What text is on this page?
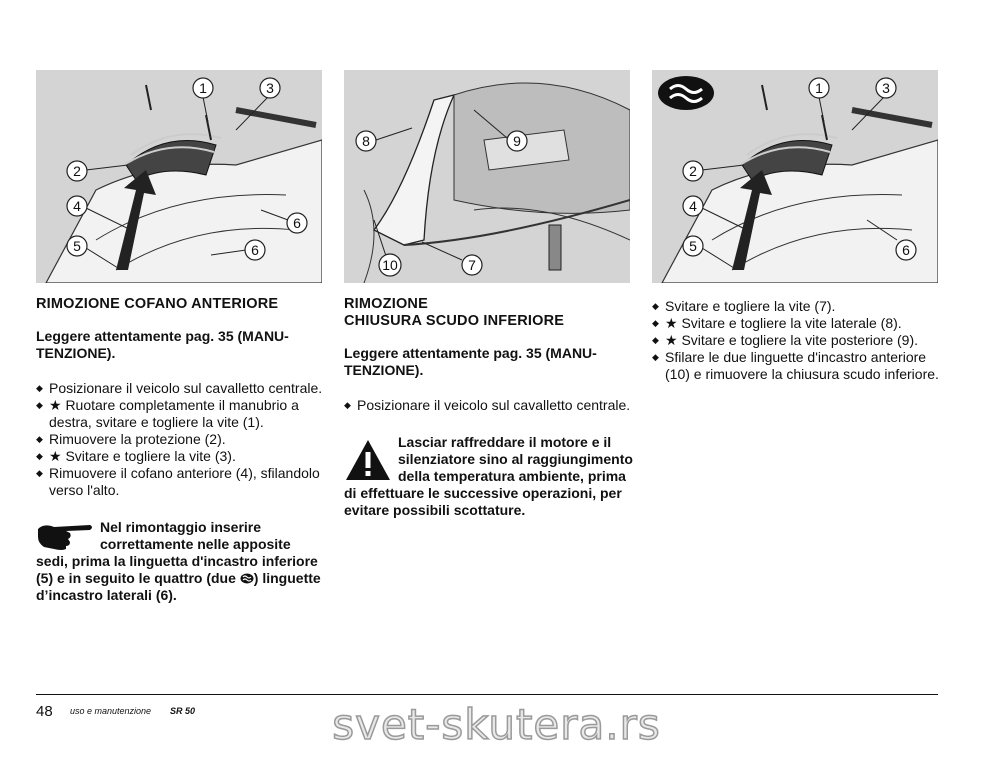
1
2
3
4
5
6
6
8	9
10	7
1
2
3
4
5	6
RIMOZIONE COFANO ANTERIORE
Leggere attentamente pag. 35 (MANU-TENZIONE).
◆ Posizionare il veicolo sul cavalletto centrale.
◆ ★ Ruotare completamente il manubrio a destra, svitare e togliere la vite (1).
◆ Rimuovere la protezione (2).
◆ ★ Svitare e togliere la vite (3).
◆ Rimuovere il cofano anteriore (4), sfilandolo verso l'alto.
Nel rimontaggio inserire correttamente nelle apposite sedi, prima la linguetta d'incastro inferiore (5) e in seguito le quattro (due ) linguette d’incastro laterali (6).
RIMOZIONE
CHIUSURA SCUDO INFERIORE
Leggere attentamente pag. 35 (MANU-TENZIONE).
◆ Posizionare il veicolo sul cavalletto centrale.
Lasciar raffreddare il motore e il silenziatore sino al raggiungimento della temperatura ambiente, prima di effettuare le successive operazioni, per evitare possibili scottature.
◆ Svitare e togliere la vite (7).
◆ ★ Svitare e togliere la vite laterale (8).
◆ ★ Svitare e togliere la vite posteriore (9).
◆ Sfilare le due linguette d'incastro anteriore (10) e rimuovere la chiusura scudo inferiore.
48 uso e manutenzione SR 50	svet-skutera.rs
